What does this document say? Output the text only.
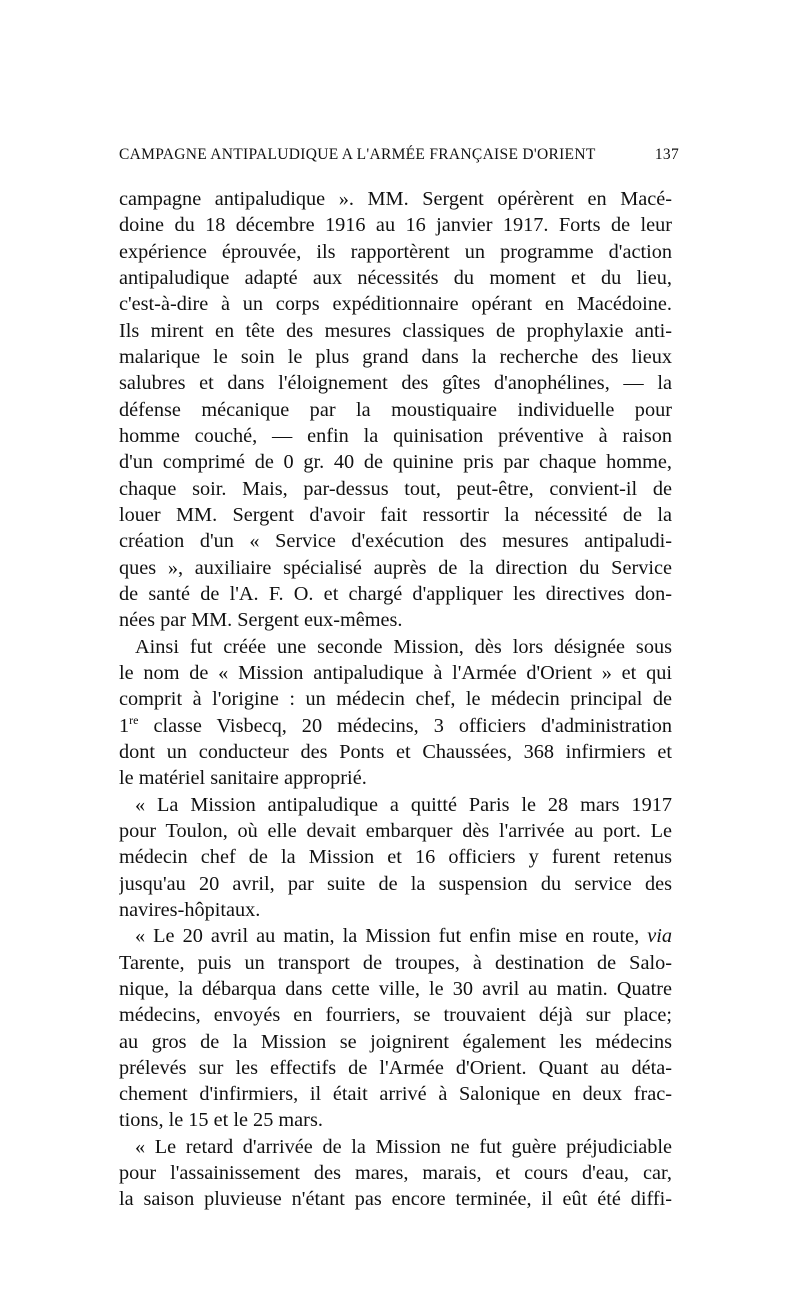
CAMPAGNE ANTIPALUDIQUE A L'ARMÉE FRANÇAISE D'ORIENT	137
campagne antipaludique ». MM. Sergent opérèrent en Macé-
doine du 18 décembre 1916 au 16 janvier 1917. Forts de leur
expérience éprouvée, ils rapportèrent un programme d'action
antipaludique adapté aux nécessités du moment et du lieu,
c'est-à-dire à un corps expéditionnaire opérant en Macédoine.
Ils mirent en tête des mesures classiques de prophylaxie anti-
malarique le soin le plus grand dans la recherche des lieux
salubres et dans l'éloignement des gîtes d'anophélines, — la
défense mécanique par la moustiquaire individuelle pour
homme couché, — enfin la quinisation préventive à raison
d'un comprimé de 0 gr. 40 de quinine pris par chaque homme,
chaque soir. Mais, par-dessus tout, peut-être, convient-il de
louer MM. Sergent d'avoir fait ressortir la nécessité de la
création d'un « Service d'exécution des mesures antipaludi-
ques », auxiliaire spécialisé auprès de la direction du Service
de santé de l'A. F. O. et chargé d'appliquer les directives don-
nées par MM. Sergent eux-mêmes.
Ainsi fut créée une seconde Mission, dès lors désignée sous
le nom de « Mission antipaludique à l'Armée d'Orient » et qui
comprit à l'origine : un médecin chef, le médecin principal de
1re classe Visbecq, 20 médecins, 3 officiers d'administration
dont un conducteur des Ponts et Chaussées, 368 infirmiers et
le matériel sanitaire approprié.
« La Mission antipaludique a quitté Paris le 28 mars 1917
pour Toulon, où elle devait embarquer dès l'arrivée au port. Le
médecin chef de la Mission et 16 officiers y furent retenus
jusqu'au 20 avril, par suite de la suspension du service des
navires-hôpitaux.
« Le 20 avril au matin, la Mission fut enfin mise en route, via
Tarente, puis un transport de troupes, à destination de Salo-
nique, la débarqua dans cette ville, le 30 avril au matin. Quatre
médecins, envoyés en fourriers, se trouvaient déjà sur place;
au gros de la Mission se joignirent également les médecins
prélevés sur les effectifs de l'Armée d'Orient. Quant au déta-
chement d'infirmiers, il était arrivé à Salonique en deux frac-
tions, le 15 et le 25 mars.
« Le retard d'arrivée de la Mission ne fut guère préjudiciable
pour l'assainissement des mares, marais, et cours d'eau, car,
la saison pluvieuse n'étant pas encore terminée, il eût été diffi-
